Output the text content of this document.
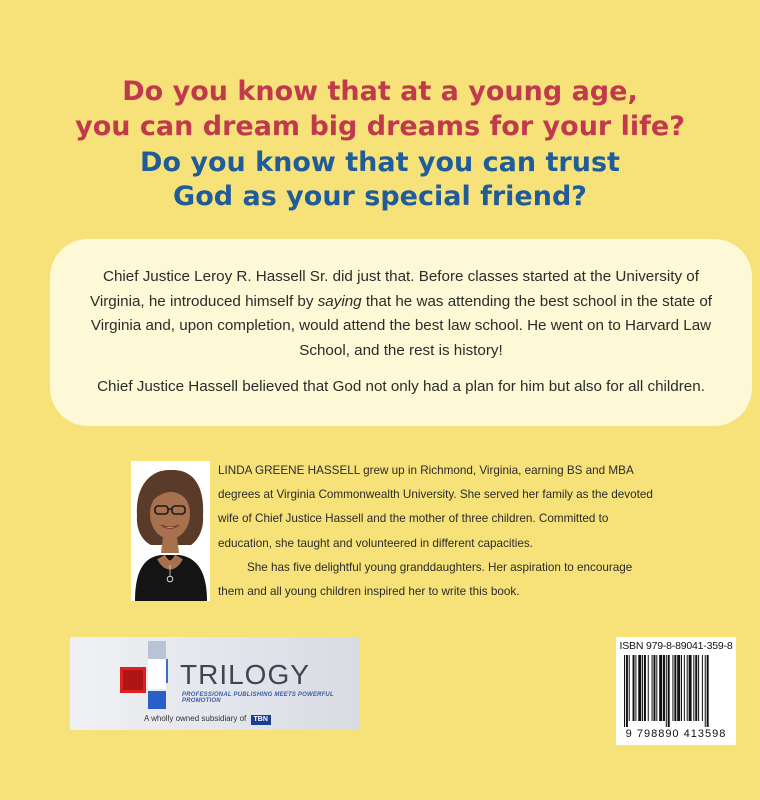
Do you know that at a young age,
you can dream big dreams for your life?
Do you know that you can trust
God as your special friend?

Chief Justice Leroy R. Hassell Sr. did just that. Before classes started at the University of Virginia, he introduced himself by saying that he was attending the best school in the state of Virginia and, upon completion, would attend the best law school. He went on to Harvard Law School, and the rest is history!

Chief Justice Hassell believed that God not only had a plan for him but also for all children.

LINDA GREENE HASSELL grew up in Richmond, Virginia, earning BS and MBA degrees at Virginia Commonwealth University. She served her family as the devoted wife of Chief Justice Hassell and the mother of three children. Committed to education, she taught and volunteered in different capacities.

She has five delightful young granddaughters. Her aspiration to encourage them and all young children inspired her to write this book.

TRILOGY
PROFESSIONAL PUBLISHING MEETS POWERFUL PROMOTION
A wholly owned subsidiary of TBN
ISBN 979-8-89041-359-8
9 798890 413598
